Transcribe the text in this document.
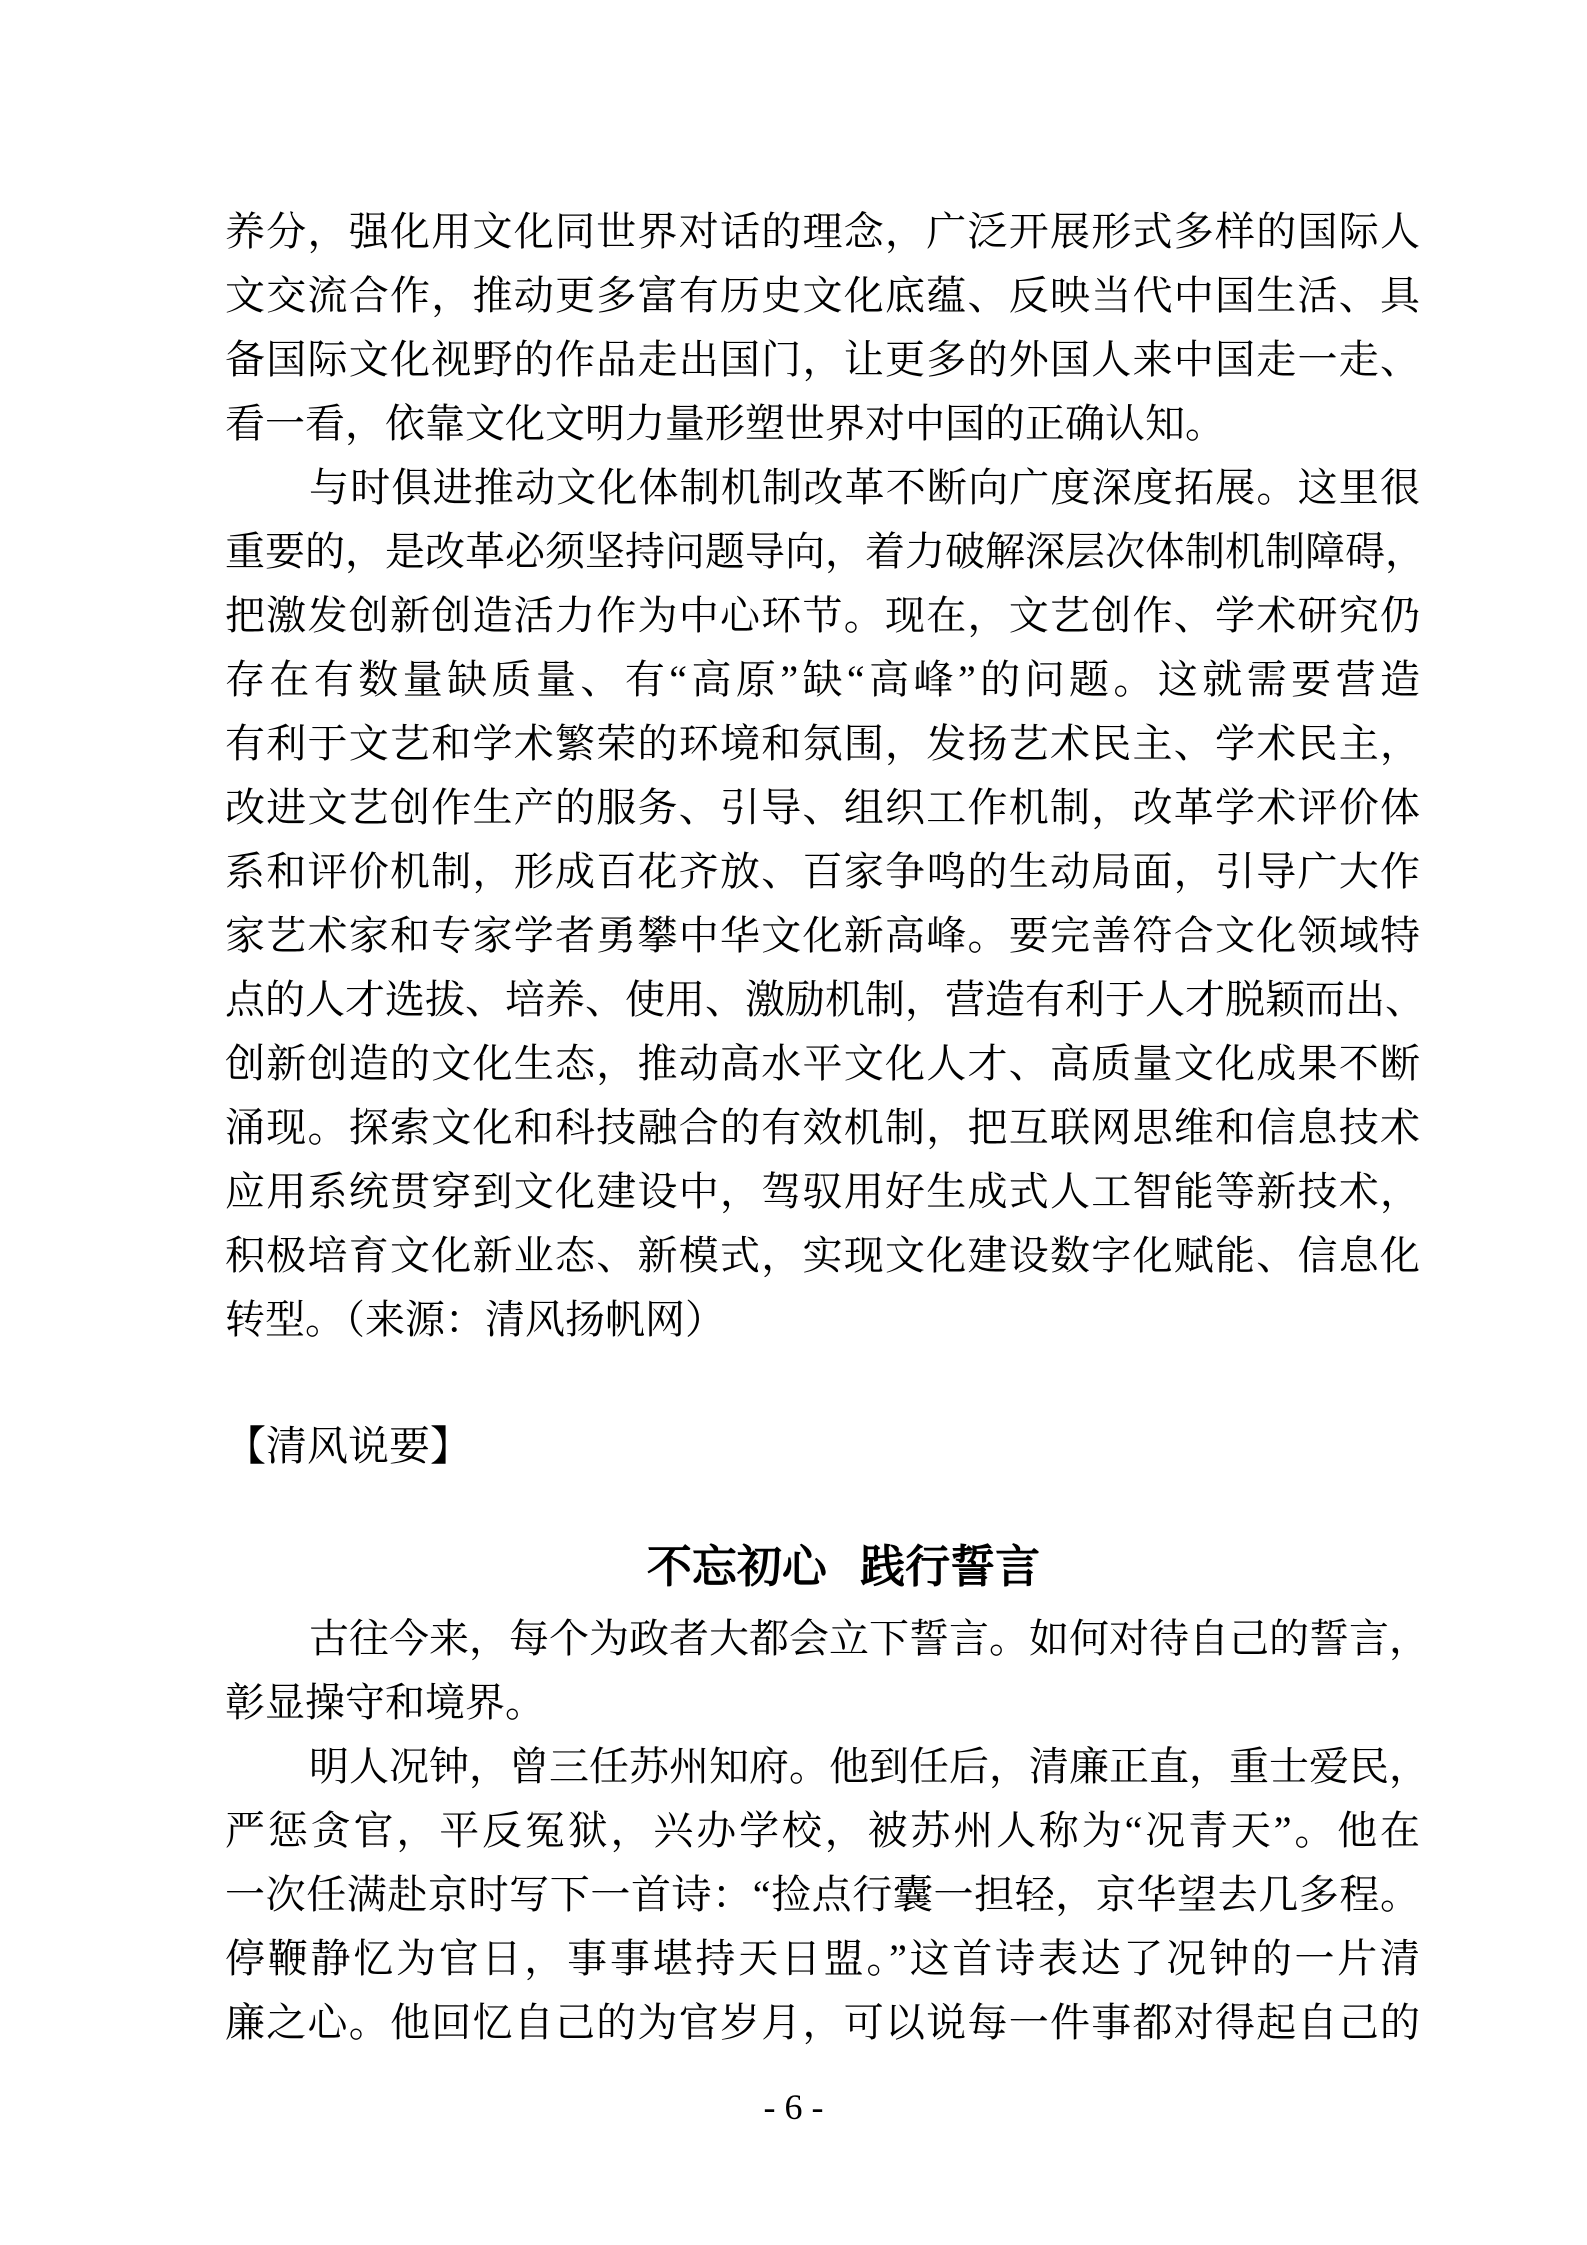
养分，强化用文化同世界对话的理念，广泛开展形式多样的国际人
文交流合作，推动更多富有历史文化底蕴、反映当代中国生活、具
备国际文化视野的作品走出国门，让更多的外国人来中国走一走、
看一看，依靠文化文明力量形塑世界对中国的正确认知。
与时俱进推动文化体制机制改革不断向广度深度拓展。这里很
重要的，是改革必须坚持问题导向，着力破解深层次体制机制障碍，
把激发创新创造活力作为中心环节。现在，文艺创作、学术研究仍
存在有数量缺质量、有“高原”缺“高峰”的问题。这就需要营造
有利于文艺和学术繁荣的环境和氛围，发扬艺术民主、学术民主，
改进文艺创作生产的服务、引导、组织工作机制，改革学术评价体
系和评价机制，形成百花齐放、百家争鸣的生动局面，引导广大作
家艺术家和专家学者勇攀中华文化新高峰。要完善符合文化领域特
点的人才选拔、培养、使用、激励机制，营造有利于人才脱颖而出、
创新创造的文化生态，推动高水平文化人才、高质量文化成果不断
涌现。探索文化和科技融合的有效机制，把互联网思维和信息技术
应用系统贯穿到文化建设中，驾驭用好生成式人工智能等新技术，
积极培育文化新业态、新模式，实现文化建设数字化赋能、信息化
转型。（来源：清风扬帆网）
【清风说要】
不忘初心 践行誓言
古往今来，每个为政者大都会立下誓言。如何对待自己的誓言，
彰显操守和境界。
明人况钟，曾三任苏州知府。他到任后，清廉正直，重士爱民，
严惩贪官，平反冤狱，兴办学校，被苏州人称为“况青天”。他在
一次任满赴京时写下一首诗：“捡点行囊一担轻，京华望去几多程。
停鞭静忆为官日，事事堪持天日盟。”这首诗表达了况钟的一片清
廉之心。他回忆自己的为官岁月，可以说每一件事都对得起自己的
- 6 -
